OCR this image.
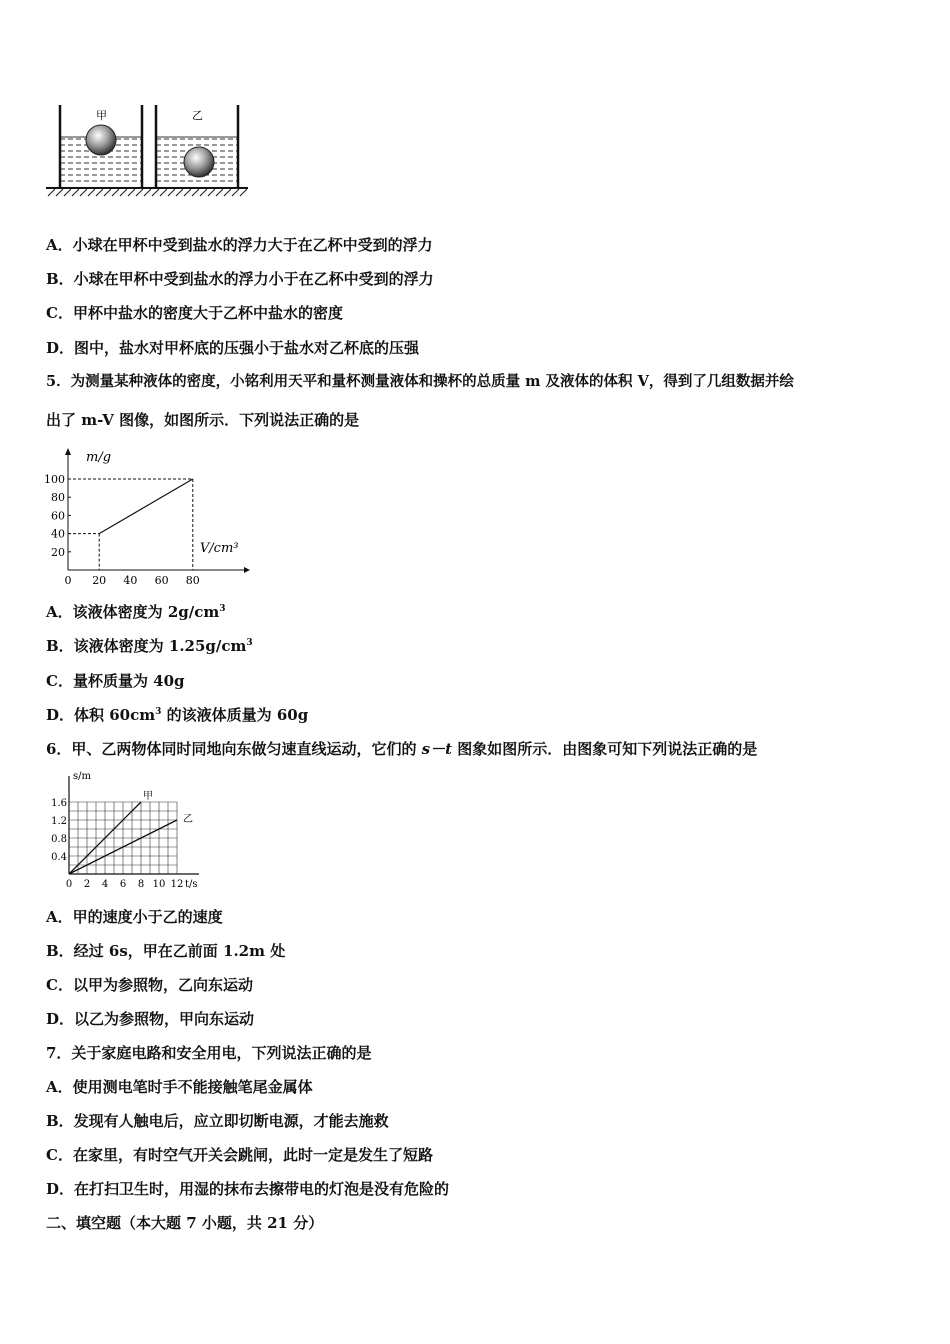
甲	乙
A．小球在甲杯中受到盐水的浮力大于在乙杯中受到的浮力
B．小球在甲杯中受到盐水的浮力小于在乙杯中受到的浮力
C．甲杯中盐水的密度大于乙杯中盐水的密度
D．图中，盐水对甲杯底的压强小于盐水对乙杯底的压强
5．为测量某种液体的密度，小铭利用天平和量杯测量液体和操杯的总质量 m 及液体的体积 V，得到了几组数据并绘
出了 m-V 图像，如图所示．下列说法正确的是
20
40
60
80
100
0 20 40 60 80
m/g
V/cm³
A．该液体密度为 $2g/cm^3$
B．该液体密度为 $1.25g/cm^3$
C．量杯质量为 40g
D．体积 $60cm^3$ 的该液体质量为 60g
6．甲、乙两物体同时同地向东做匀速直线运动，它们的 s－t 图象如图所示．由图象可知下列说法正确的是
0.4
0.8
1.2
1.6
0 2 4 6 8 10 12
s/m
t/s
甲
乙
A．甲的速度小于乙的速度
B．经过 6s，甲在乙前面 1.2m 处
C．以甲为参照物，乙向东运动
D．以乙为参照物，甲向东运动
7．关于家庭电路和安全用电，下列说法正确的是
A．使用测电笔时手不能接触笔尾金属体
B．发现有人触电后，应立即切断电源，才能去施救
C．在家里，有时空气开关会跳闸，此时一定是发生了短路
D．在打扫卫生时，用湿的抹布去擦带电的灯泡是没有危险的
二、填空题（本大题 7 小题，共 21 分）
